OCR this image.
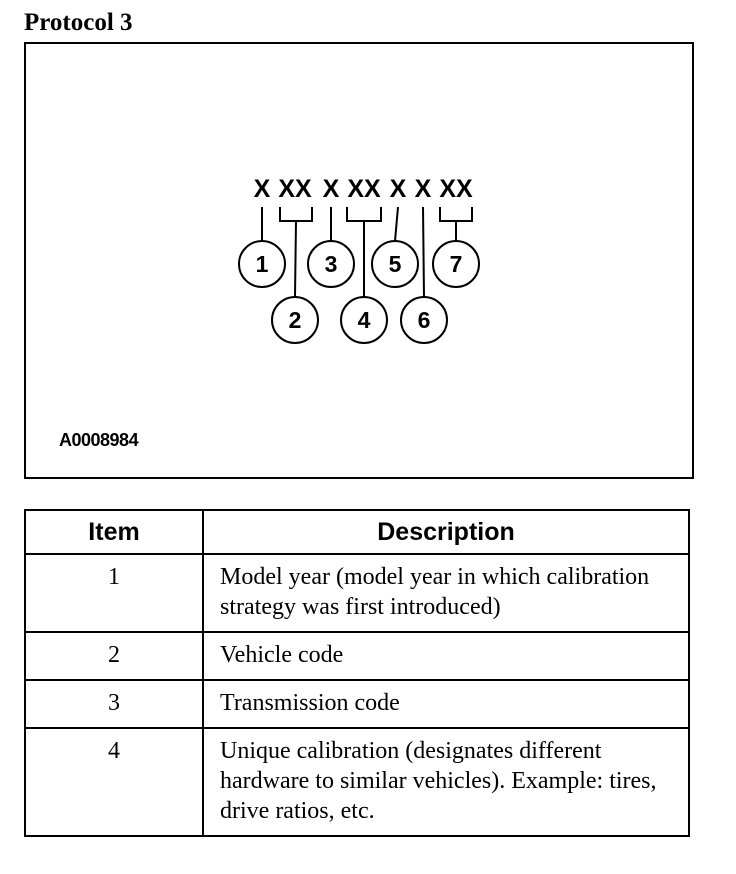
Protocol 3
X XX X XX X X XX
1
2
3
4
5
6
7
A0008984
Item	Description
1	Model year (model year in which calibration strategy was first introduced)
2	Vehicle code
3	Transmission code
4	Unique calibration (designates different hardware to similar vehicles). Example: tires, drive ratios, etc.
